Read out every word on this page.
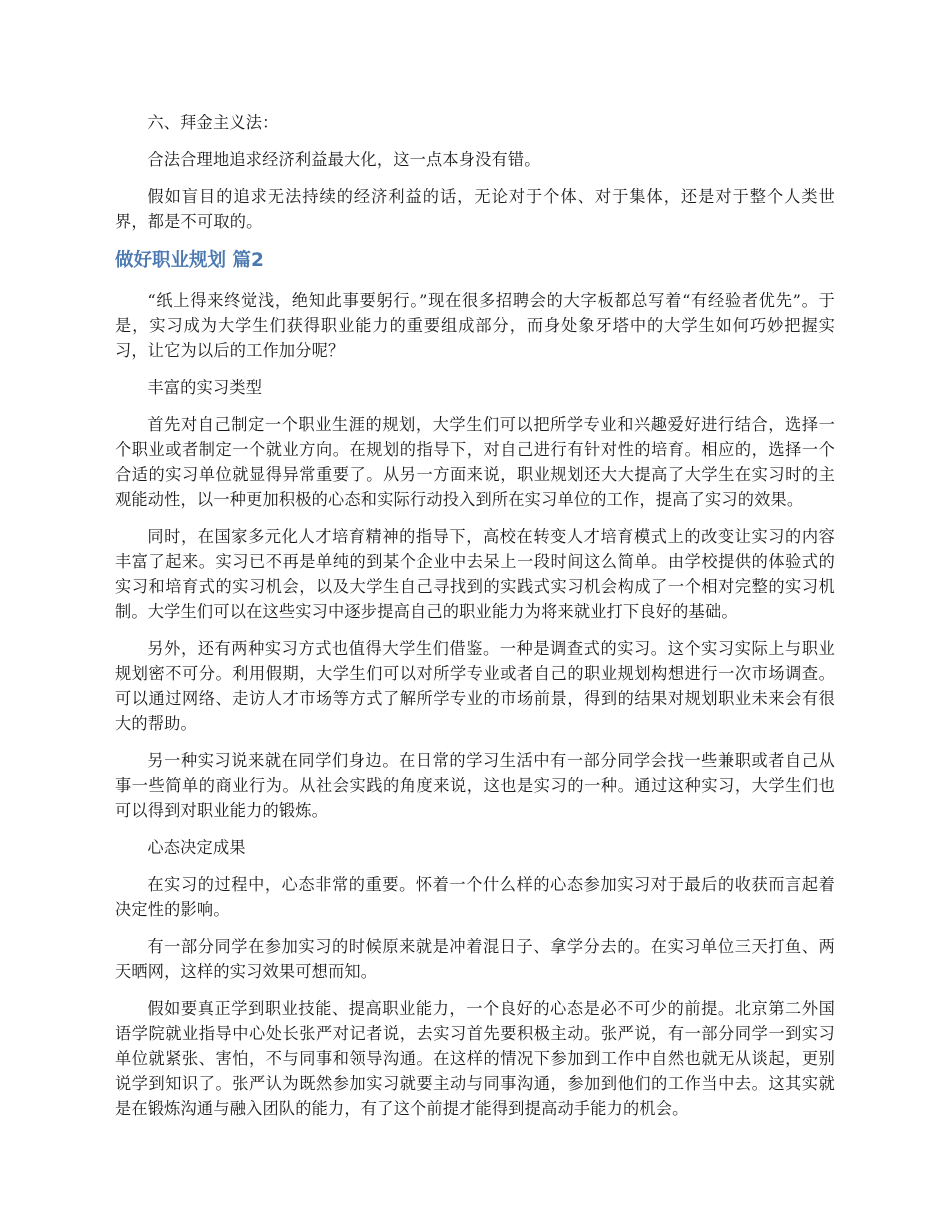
六、拜金主义法：

合法合理地追求经济利益最大化，这一点本身没有错。

假如盲目的追求无法持续的经济利益的话，无论对于个体、对于集体，还是对于整个人类世界，都是不可取的。

做好职业规划 篇2

“纸上得来终觉浅，绝知此事要躬行。”现在很多招聘会的大字板都总写着“有经验者优先”。于是，实习成为大学生们获得职业能力的重要组成部分，而身处象牙塔中的大学生如何巧妙把握实习，让它为以后的工作加分呢？

丰富的实习类型

首先对自己制定一个职业生涯的规划，大学生们可以把所学专业和兴趣爱好进行结合，选择一个职业或者制定一个就业方向。在规划的指导下，对自己进行有针对性的培育。相应的，选择一个合适的实习单位就显得异常重要了。从另一方面来说，职业规划还大大提高了大学生在实习时的主观能动性，以一种更加积极的心态和实际行动投入到所在实习单位的工作，提高了实习的效果。

同时，在国家多元化人才培育精神的指导下，高校在转变人才培育模式上的改变让实习的内容丰富了起来。实习已不再是单纯的到某个企业中去呆上一段时间这么简单。由学校提供的体验式的实习和培育式的实习机会，以及大学生自己寻找到的实践式实习机会构成了一个相对完整的实习机制。大学生们可以在这些实习中逐步提高自己的职业能力为将来就业打下良好的基础。

另外，还有两种实习方式也值得大学生们借鉴。一种是调查式的实习。这个实习实际上与职业规划密不可分。利用假期，大学生们可以对所学专业或者自己的职业规划构想进行一次市场调查。可以通过网络、走访人才市场等方式了解所学专业的市场前景，得到的结果对规划职业未来会有很大的帮助。

另一种实习说来就在同学们身边。在日常的学习生活中有一部分同学会找一些兼职或者自己从事一些简单的商业行为。从社会实践的角度来说，这也是实习的一种。通过这种实习，大学生们也可以得到对职业能力的锻炼。

心态决定成果

在实习的过程中，心态非常的重要。怀着一个什么样的心态参加实习对于最后的收获而言起着决定性的影响。

有一部分同学在参加实习的时候原来就是冲着混日子、拿学分去的。在实习单位三天打鱼、两天晒网，这样的实习效果可想而知。

假如要真正学到职业技能、提高职业能力，一个良好的心态是必不可少的前提。北京第二外国语学院就业指导中心处长张严对记者说，去实习首先要积极主动。张严说，有一部分同学一到实习单位就紧张、害怕，不与同事和领导沟通。在这样的情况下参加到工作中自然也就无从谈起，更别说学到知识了。张严认为既然参加实习就要主动与同事沟通，参加到他们的工作当中去。这其实就是在锻炼沟通与融入团队的能力，有了这个前提才能得到提高动手能力的机会。
